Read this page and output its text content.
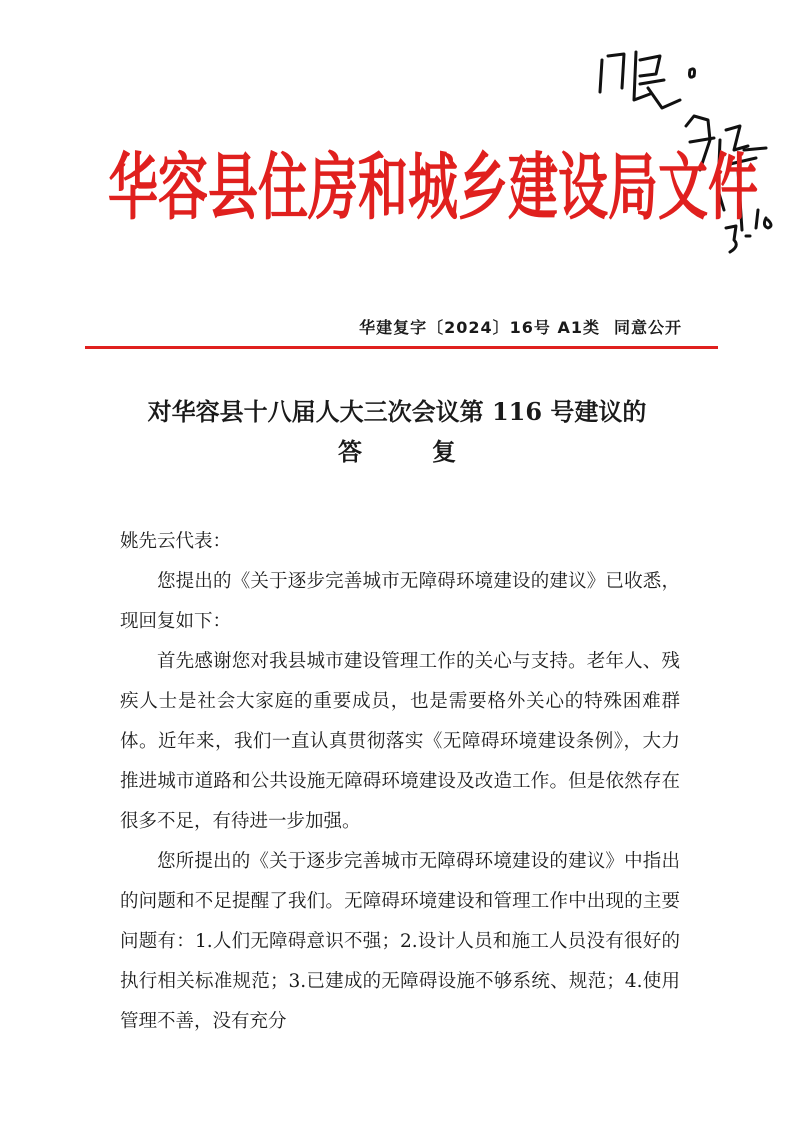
华容县住房和城乡建设局文件
华建复字〔2024〕16号 A1类 同意公开
对华容县十八届人大三次会议第 116 号建议的
答复

姚先云代表：

您提出的《关于逐步完善城市无障碍环境建设的建议》已收悉，现回复如下：

首先感谢您对我县城市建设管理工作的关心与支持。老年人、残疾人士是社会大家庭的重要成员，也是需要格外关心的特殊困难群体。近年来，我们一直认真贯彻落实《无障碍环境建设条例》，大力推进城市道路和公共设施无障碍环境建设及改造工作。但是依然存在很多不足，有待进一步加强。

您所提出的《关于逐步完善城市无障碍环境建设的建议》中指出的问题和不足提醒了我们。无障碍环境建设和管理工作中出现的主要问题有：1.人们无障碍意识不强；2.设计人员和施工人员没有很好的执行相关标准规范；3.已建成的无障碍设施不够系统、规范；4.使用管理不善，没有充分
